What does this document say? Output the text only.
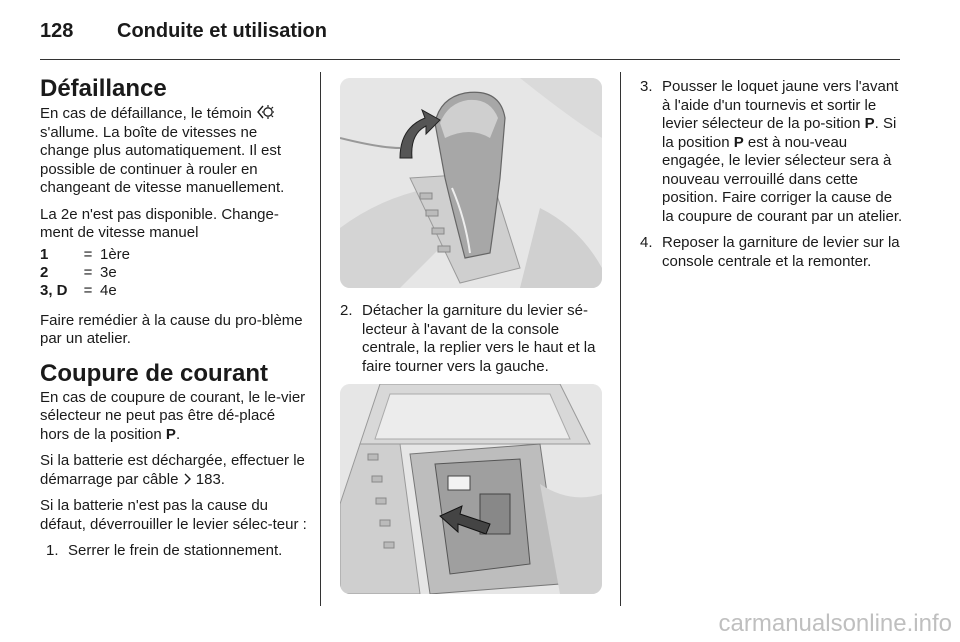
128 Conduite et utilisation
Défaillance

En cas de défaillance, le témoin  s'allume. La boîte de vitesses ne change plus automatiquement. Il est possible de continuer à rouler en changeant de vitesse manuellement.

La 2e n'est pas disponible. Change-ment de vitesse manuel

1	= 1ère
2	= 3e
3, D	= 4e

Faire remédier à la cause du pro-blème par un atelier.

Coupure de courant

En cas de coupure de courant, le le-vier sélecteur ne peut pas être dé-placé hors de la position P.

Si la batterie est déchargée, effectuer le démarrage par câble 183.

Si la batterie n'est pas la cause du défaut, déverrouiller le levier sélec-teur :

1. Serrer le frein de stationnement.
2. Détacher la garniture du levier sé-lecteur à l'avant de la console centrale, la replier vers le haut et la faire tourner vers la gauche.
3. Pousser le loquet jaune vers l'avant à l'aide d'un tournevis et sortir le levier sélecteur de la po-sition P. Si la position P est à nou-veau engagée, le levier sélecteur sera à nouveau verrouillé dans cette position. Faire corriger la cause de la coupure de courant par un atelier.
4. Reposer la garniture de levier sur la console centrale et la remonter.
carmanualsonline.info
